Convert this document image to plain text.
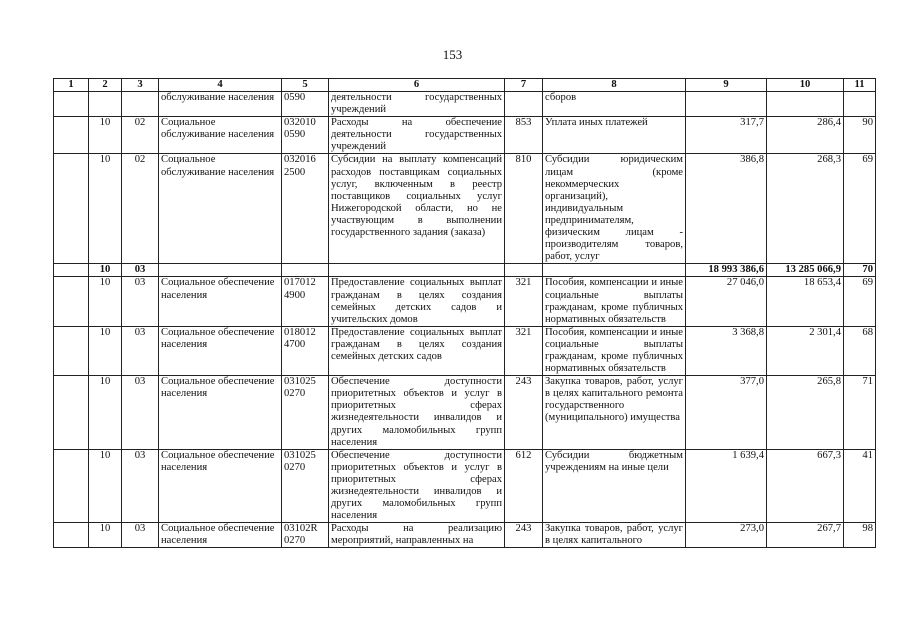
153
1	2	3	4	5	6	7	8	9	10	11
			обслуживание населения	0590	деятельности государственных учреждений		сборов			
	10	02	Социальное обслуживание населения	032010 0590	Расходы на обеспечение деятельности государственных учреждений	853	Уплата иных платежей	317,7	286,4	90
	10	02	Социальное обслуживание населения	032016 2500	Субсидии на выплату компенсаций расходов поставщикам социальных услуг, включенным в реестр поставщиков социальных услуг Нижегородской области, но не участвующим в выполнении государственного задания (заказа)	810	Субсидии юридическим лицам (кроме некоммерческих организаций), индивидуальным предпринимателям, физическим лицам - производителям товаров, работ, услуг	386,8	268,3	69
	10	03						18 993 386,6	13 285 066,9	70
	10	03	Социальное обеспечение населения	017012 4900	Предоставление социальных выплат гражданам в целях создания семейных детских садов и учительских домов	321	Пособия, компенсации и иные социальные выплаты гражданам, кроме публичных нормативных обязательств	27 046,0	18 653,4	69
	10	03	Социальное обеспечение населения	018012 4700	Предоставление социальных выплат гражданам в целях создания семейных детских садов	321	Пособия, компенсации и иные социальные выплаты гражданам, кроме публичных нормативных обязательств	3 368,8	2 301,4	68
	10	03	Социальное обеспечение населения	031025 0270	Обеспечение доступности приоритетных объектов и услуг в приоритетных сферах жизнедеятельности инвалидов и других маломобильных групп населения	243	Закупка товаров, работ, услуг в целях капитального ремонта государственного (муниципального) имущества	377,0	265,8	71
	10	03	Социальное обеспечение населения	031025 0270	Обеспечение доступности приоритетных объектов и услуг в приоритетных сферах жизнедеятельности инвалидов и других маломобильных групп населения	612	Субсидии бюджетным учреждениям на иные цели	1 639,4	667,3	41
	10	03	Социальное обеспечение населения	03102R 0270	Расходы на реализацию мероприятий, направленных на	243	Закупка товаров, работ, услуг в целях капитального	273,0	267,7	98
